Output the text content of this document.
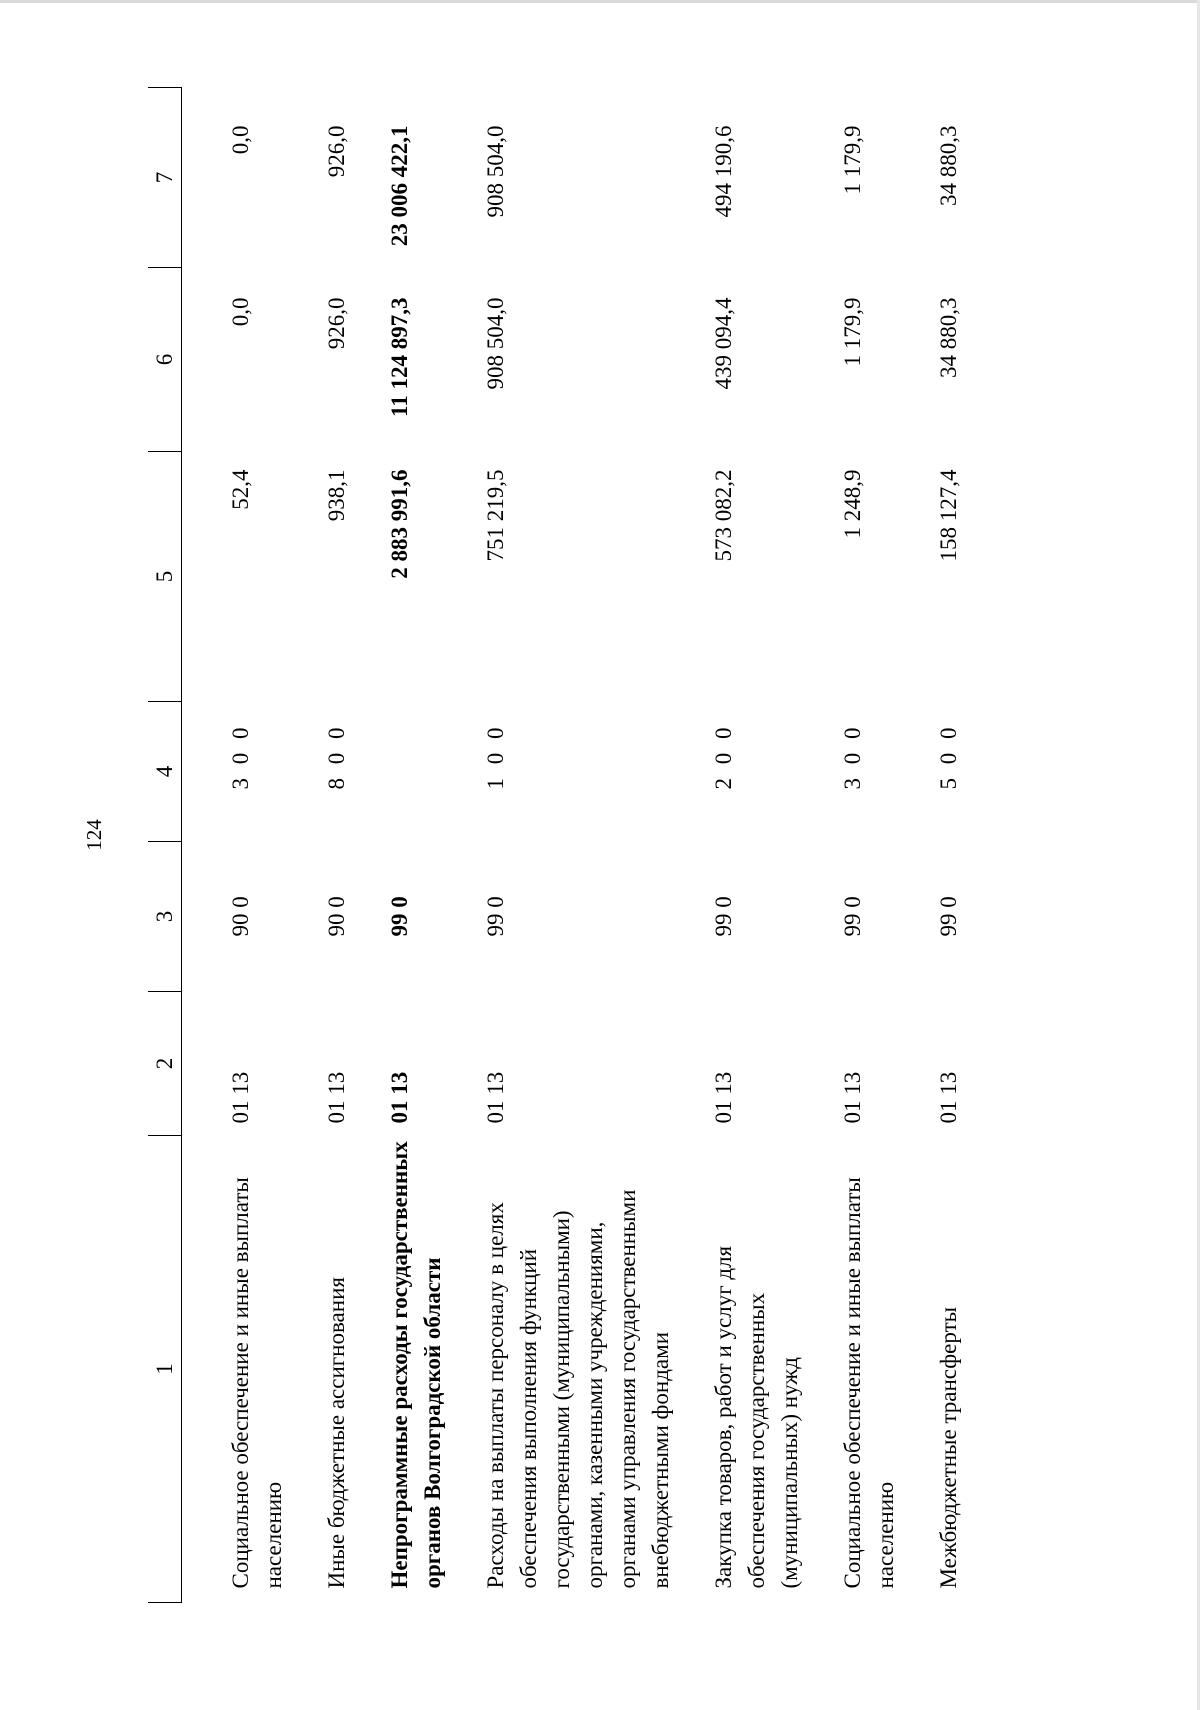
124
1	2	3	4	5	6	7
Социальное обеспечение и иные выплаты населению	01 13	90 0	3 0 0	52,4	0,0	0,0
Иные бюджетные ассигнования	01 13	90 0	8 0 0	938,1	926,0	926,0
Непрограммные расходы государственных органов Волгоградской области	01 13	99 0		2 883 991,6	11 124 897,3	23 006 422,1
Расходы на выплаты персоналу в целях обеспечения выполнения функций государственными (муниципальными) органами, казенными учреждениями, органами управления государственными внебюджетными фондами	01 13	99 0	1 0 0	751 219,5	908 504,0	908 504,0
Закупка товаров, работ и услуг для обеспечения государственных (муниципальных) нужд	01 13	99 0	2 0 0	573 082,2	439 094,4	494 190,6
Социальное обеспечение и иные выплаты населению	01 13	99 0	3 0 0	1 248,9	1 179,9	1 179,9
Межбюджетные трансферты	01 13	99 0	5 0 0	158 127,4	34 880,3	34 880,3
